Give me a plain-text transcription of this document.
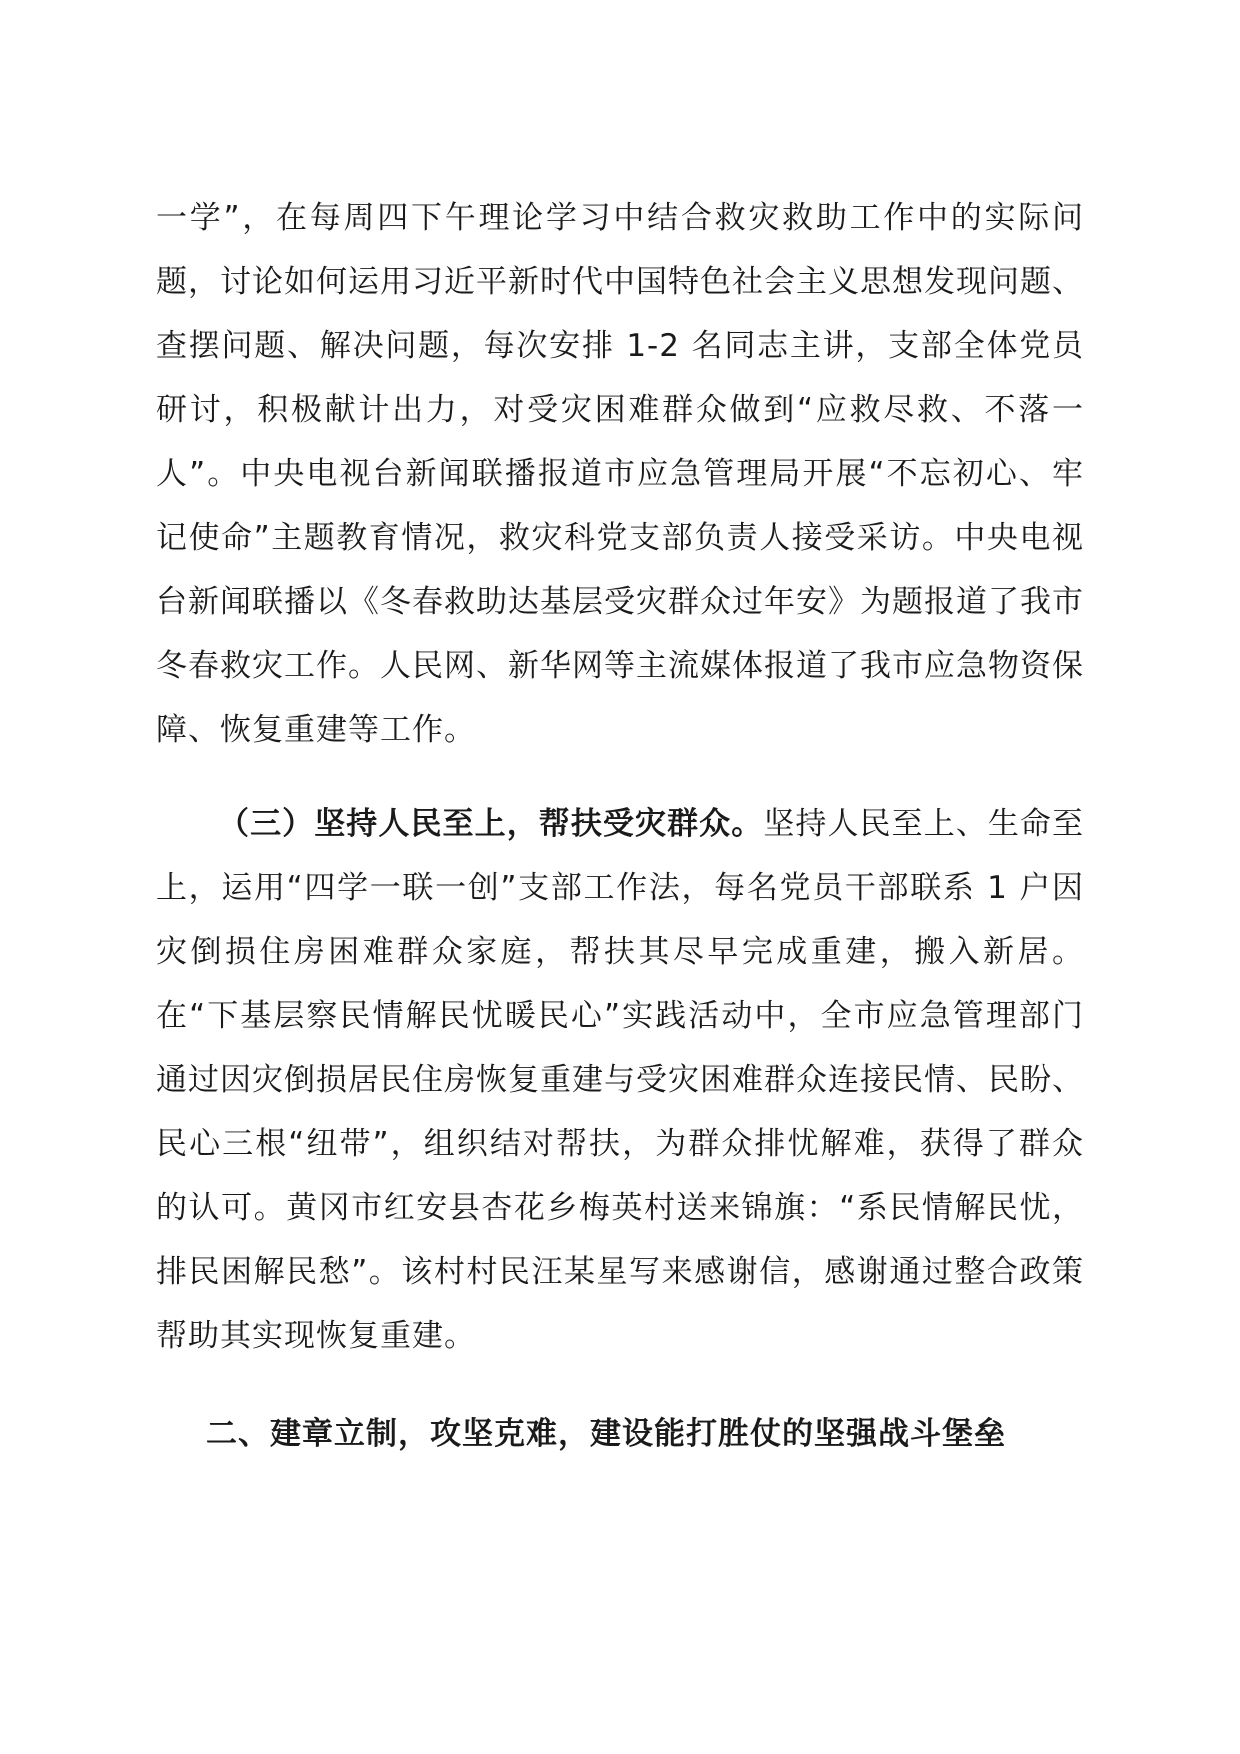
一学”，在每周四下午理论学习中结合救灾救助工作中的实际问题，讨论如何运用习近平新时代中国特色社会主义思想发现问题、查摆问题、解决问题，每次安排 1-2 名同志主讲，支部全体党员研讨，积极献计出力，对受灾困难群众做到“应救尽救、不落一人”。中央电视台新闻联播报道市应急管理局开展“不忘初心、牢记使命”主题教育情况，救灾科党支部负责人接受采访。中央电视台新闻联播以《冬春救助达基层受灾群众过年安》为题报道了我市冬春救灾工作。人民网、新华网等主流媒体报道了我市应急物资保障、恢复重建等工作。

（三）坚持人民至上，帮扶受灾群众。坚持人民至上、生命至上，运用“四学一联一创”支部工作法，每名党员干部联系 1 户因灾倒损住房困难群众家庭，帮扶其尽早完成重建，搬入新居。在“下基层察民情解民忧暖民心”实践活动中，全市应急管理部门通过因灾倒损居民住房恢复重建与受灾困难群众连接民情、民盼、民心三根“纽带”，组织结对帮扶，为群众排忧解难，获得了群众的认可。黄冈市红安县杏花乡梅英村送来锦旗：“系民情解民忧，排民困解民愁”。该村村民汪某星写来感谢信，感谢通过整合政策帮助其实现恢复重建。

二、建章立制，攻坚克难，建设能打胜仗的坚强战斗堡垒
